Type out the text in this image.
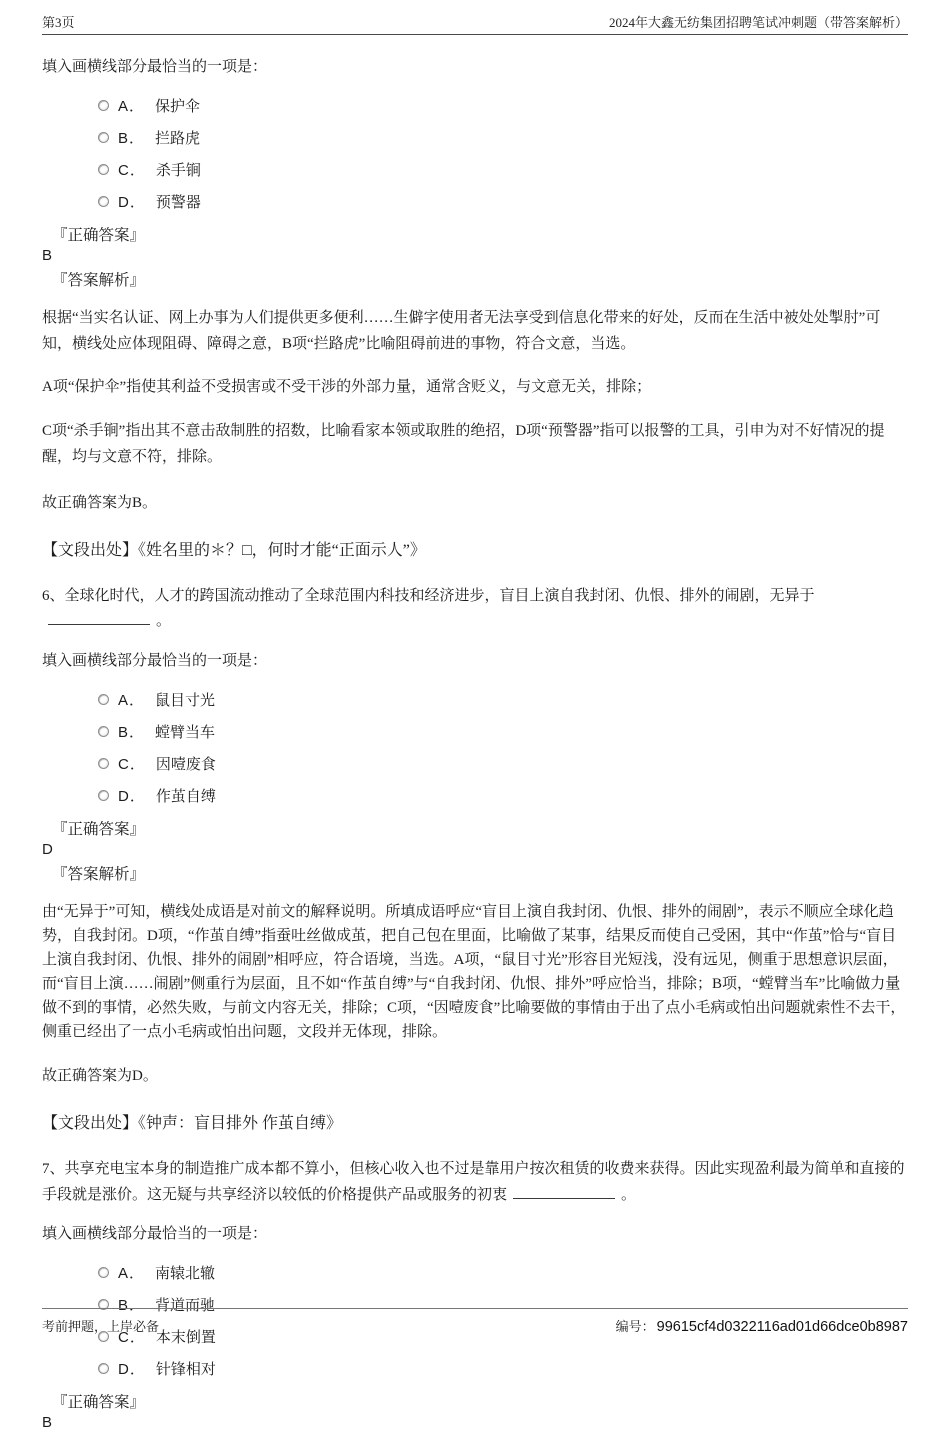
第3页	2024年大鑫无纺集团招聘笔试冲刺题（带答案解析）

填入画横线部分最恰当的一项是：

A． 保护伞
B． 拦路虎
C． 杀手锏
D． 预警器

『正确答案』

B

『答案解析』

根据“当实名认证、网上办事为人们提供更多便利……生僻字使用者无法享受到信息化带来的好处，反而在生活中被处处掣肘”可知，横线处应体现阻碍、障碍之意，B项“拦路虎”比喻阻碍前进的事物，符合文意，当选。

A项“保护伞”指使其利益不受损害或不受干涉的外部力量，通常含贬义，与文意无关，排除；

C项“杀手锏”指出其不意击敌制胜的招数，比喻看家本领或取胜的绝招，D项“预警器”指可以报警的工具，引申为对不好情况的提醒，均与文意不符，排除。

故正确答案为B。

【文段出处】《姓名里的＊？□，何时才能“正面示人”》

6、全球化时代，人才的跨国流动推动了全球范围内科技和经济进步，盲目上演自我封闭、仇恨、排外的闹剧，无异于。

填入画横线部分最恰当的一项是：

A． 鼠目寸光
B． 螳臂当车
C． 因噎废食
D． 作茧自缚

『正确答案』

D

『答案解析』

由“无异于”可知，横线处成语是对前文的解释说明。所填成语呼应“盲目上演自我封闭、仇恨、排外的闹剧”，表示不顺应全球化趋势，自我封闭。D项，“作茧自缚”指蚕吐丝做成茧，把自己包在里面，比喻做了某事，结果反而使自己受困，其中“作茧”恰与“盲目上演自我封闭、仇恨、排外的闹剧”相呼应，符合语境，当选。A项，“鼠目寸光”形容目光短浅，没有远见，侧重于思想意识层面，而“盲目上演……闹剧”侧重行为层面，且不如“作茧自缚”与“自我封闭、仇恨、排外”呼应恰当，排除；B项，“螳臂当车”比喻做力量做不到的事情，必然失败，与前文内容无关，排除；C项，“因噎废食”比喻要做的事情由于出了点小毛病或怕出问题就索性不去干，侧重已经出了一点小毛病或怕出问题，文段并无体现，排除。

故正确答案为D。

【文段出处】《钟声：盲目排外 作茧自缚》

7、共享充电宝本身的制造推广成本都不算小，但核心收入也不过是靠用户按次租赁的收费来获得。因此实现盈利最为简单和直接的手段就是涨价。这无疑与共享经济以较低的价格提供产品或服务的初衷	。

填入画横线部分最恰当的一项是：

A． 南辕北辙
B． 背道而驰
C． 本末倒置
D． 针锋相对

『正确答案』

B

考前押题，上岸必备	编号： 99615cf4d0322116ad01d66dce0b8987
